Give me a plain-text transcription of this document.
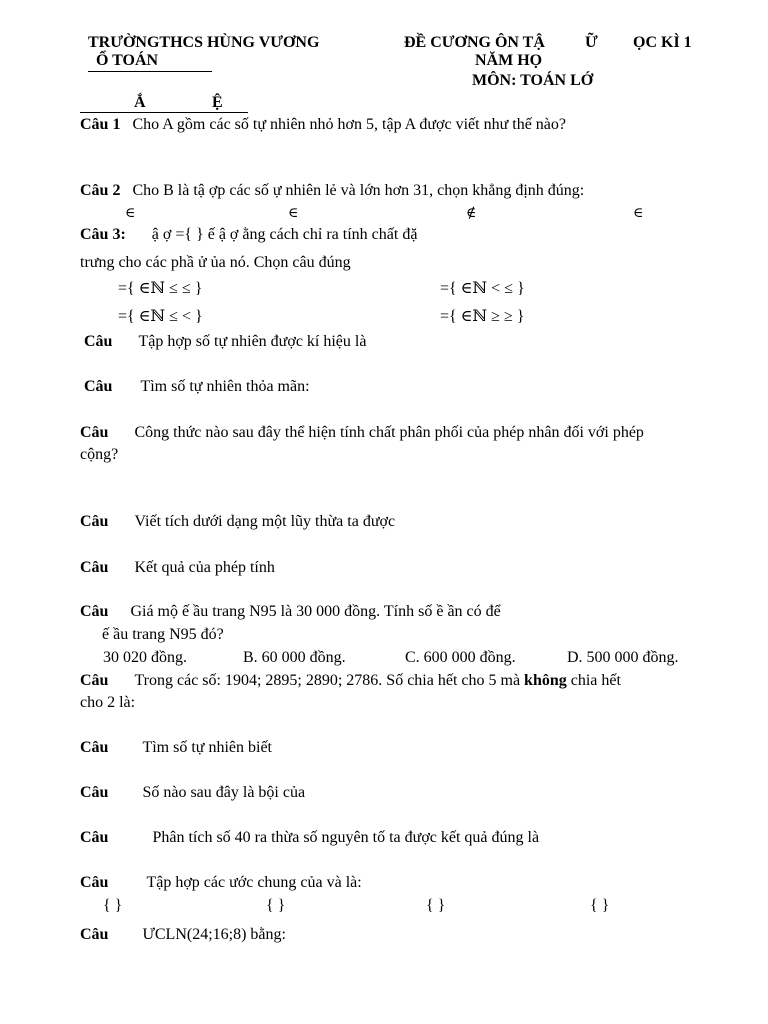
TRƯỜNGTHCS HÙNG VƯƠNG
Ổ TOÁN
ĐỀ CƯƠNG ÔN TẬ	Ữ ỌC KÌ 1
NĂM HỌ
MÔN: TOÁN LỚ
Ắ	Ệ
Câu 1 Cho A gồm các số tự nhiên nhỏ hơn 5, tập A được viết như thế nào?
Câu 2 Cho B là tậ ợp các số ự nhiên lẻ và lớn hơn 31, chọn khẳng định đúng:
∈	∈	∉	∈
Câu 3: ậ ợ ={ } ế ậ ợ ằng cách chỉ ra tính chất đặ
trưng cho các phầ ử ủa nó. Chọn câu đúng
={ ∈ℕ ≤ ≤ }	={ ∈ℕ < ≤ }
={ ∈ℕ ≤ < }	={ ∈ℕ ≥ ≥ }
Câu Tập hợp số tự nhiên được kí hiệu là
Câu Tìm số tự nhiên thỏa mãn:
Câu Công thức nào sau đây thể hiện tính chất phân phối của phép nhân đối với phép
cộng?
Câu Viết tích dưới dạng một lũy thừa ta được
Câu Kết quả của phép tính
Câu Giá mộ ế ầu trang N95 là 30 000 đồng. Tính số ề ần có để
ế ầu trang N95 đó?
30 020 đồng.	B. 60 000 đồng.	C. 600 000 đồng.	D. 500 000 đồng.
Câu Trong các số: 1904; 2895; 2890; 2786. Số chia hết cho 5 mà không chia hết
cho 2 là:
Câu Tìm số tự nhiên biết
Câu Số nào sau đây là bội của
Câu	Phân tích số 40 ra thừa số nguyên tố ta được kết quả đúng là
Câu Tập hợp các ước chung của và là:
{ }	{ }	{ }	{ }
Câu ƯCLN(24;16;8) bằng:
